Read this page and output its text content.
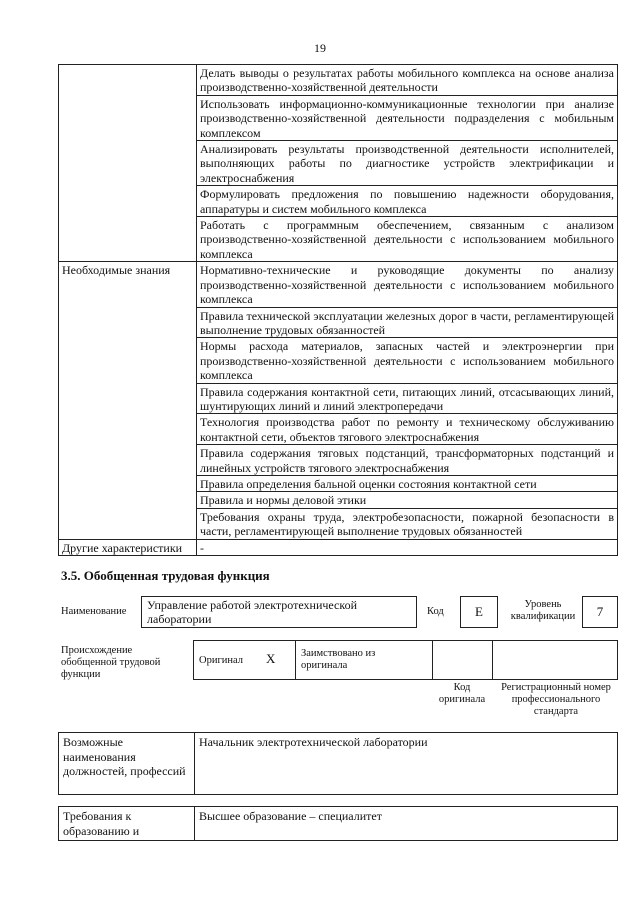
19
	Делать выводы о результатах работы мобильного комплекса на основе анализа производственно-хозяйственной деятельности
	Использовать информационно-коммуникационные технологии при анализе производственно-хозяйственной деятельности подразделения с мобильным комплексом
	Анализировать результаты производственной деятельности исполнителей, выполняющих работы по диагностике устройств электрификации и электроснабжения
	Формулировать предложения по повышению надежности оборудования, аппаратуры и систем мобильного комплекса
	Работать с программным обеспечением, связанным с анализом производственно-хозяйственной деятельности с использованием мобильного комплекса
Необходимые знания	Нормативно-технические и руководящие документы по анализу производственно-хозяйственной деятельности с использованием мобильного комплекса
	Правила технической эксплуатации железных дорог в части, регламентирующей выполнение трудовых обязанностей
	Нормы расхода материалов, запасных частей и электроэнергии при производственно-хозяйственной деятельности с использованием мобильного комплекса
	Правила содержания контактной сети, питающих линий, отсасывающих линий, шунтирующих линий и линий электропередачи
	Технология производства работ по ремонту и техническому обслуживанию контактной сети, объектов тягового электроснабжения
	Правила содержания тяговых подстанций, трансформаторных подстанций и линейных устройств тягового электроснабжения
	Правила определения бальной оценки состояния контактной сети
	Правила и нормы деловой этики
	Требования охраны труда, электробезопасности, пожарной безопасности в части, регламентирующей выполнение трудовых обязанностей
Другие характеристики	-
3.5. Обобщенная трудовая функция
Наименование	Управление работой электротехнической лаборатории
Код	E	Уровень квалификации	7
Происхождение обобщенной трудовой функции
Оригинал X Заимствовано из оригинала
Код оригинала
Регистрационный номер профессионального стандарта
Возможные наименования должностей, профессий	Начальник электротехнической лаборатории
Требования к образованию и	Высшее образование – специалитет
